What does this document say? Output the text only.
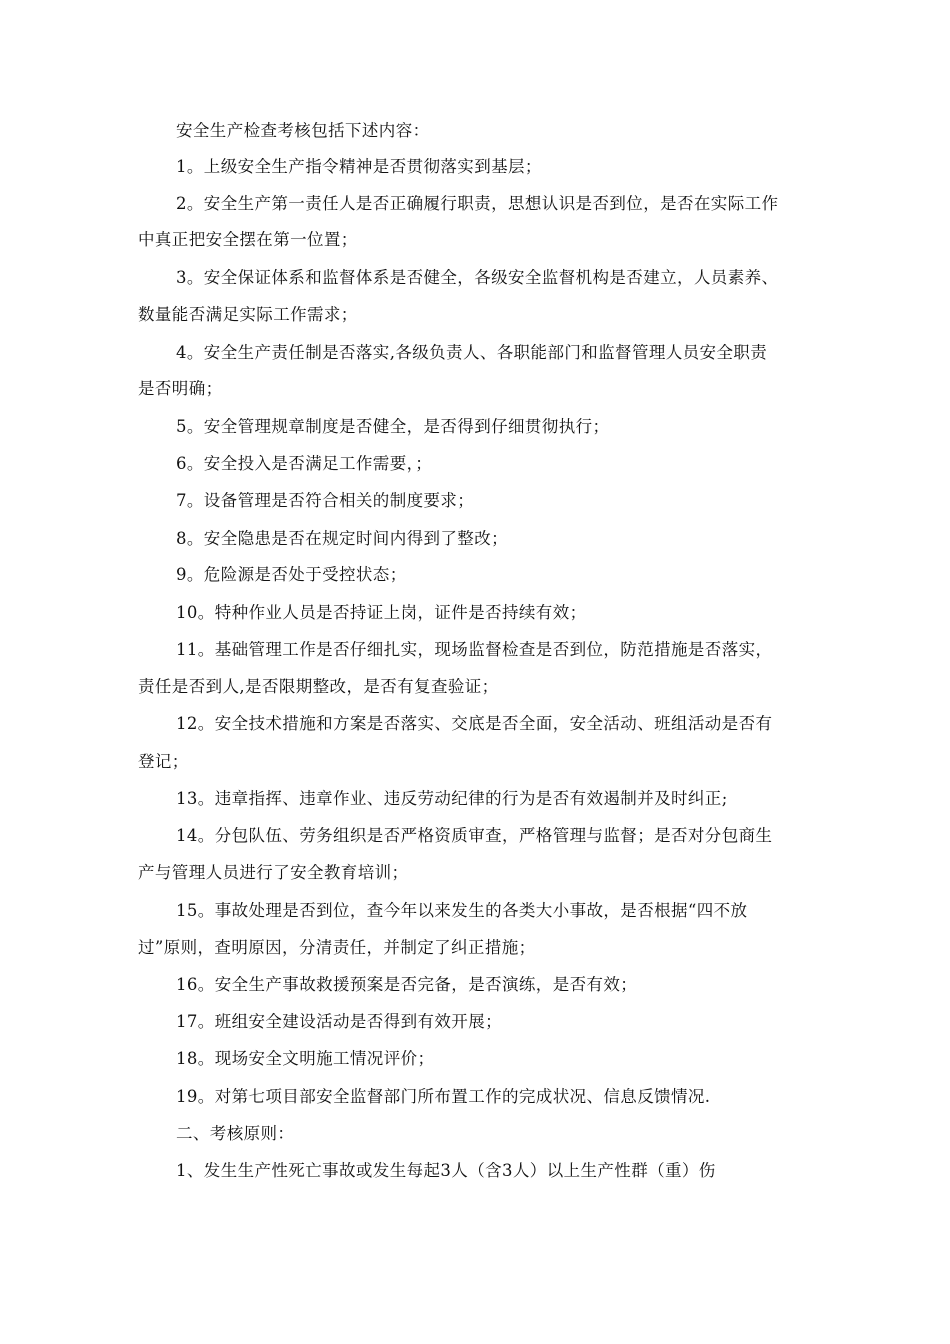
安全生产检查考核包括下述内容：
1。上级安全生产指令精神是否贯彻落实到基层；
2。安全生产第一责任人是否正确履行职责，思想认识是否到位，是否在实际工作
中真正把安全摆在第一位置；
3。安全保证体系和监督体系是否健全，各级安全监督机构是否建立，人员素养、
数量能否满足实际工作需求；
4。安全生产责任制是否落实,各级负责人、各职能部门和监督管理人员安全职责
是否明确；
5。安全管理规章制度是否健全，是否得到仔细贯彻执行；
6。安全投入是否满足工作需要，；
7。设备管理是否符合相关的制度要求；
8。安全隐患是否在规定时间内得到了整改；
9。危险源是否处于受控状态；
10。特种作业人员是否持证上岗，证件是否持续有效；
11。基础管理工作是否仔细扎实，现场监督检查是否到位，防范措施是否落实，
责任是否到人,是否限期整改，是否有复查验证；
12。安全技术措施和方案是否落实、交底是否全面，安全活动、班组活动是否有
登记；
13。违章指挥、违章作业、违反劳动纪律的行为是否有效遏制并及时纠正;
14。分包队伍、劳务组织是否严格资质审查，严格管理与监督；是否对分包商生
产与管理人员进行了安全教育培训；
15。事故处理是否到位，查今年以来发生的各类大小事故，是否根据“四不放
过”原则，查明原因，分清责任，并制定了纠正措施；
16。安全生产事故救援预案是否完备，是否演练，是否有效；
17。班组安全建设活动是否得到有效开展；
18。现场安全文明施工情况评价；
19。对第七项目部安全监督部门所布置工作的完成状况、信息反馈情况.
二、考核原则：
1、发生生产性死亡事故或发生每起3人（含3人）以上生产性群（重）伤
